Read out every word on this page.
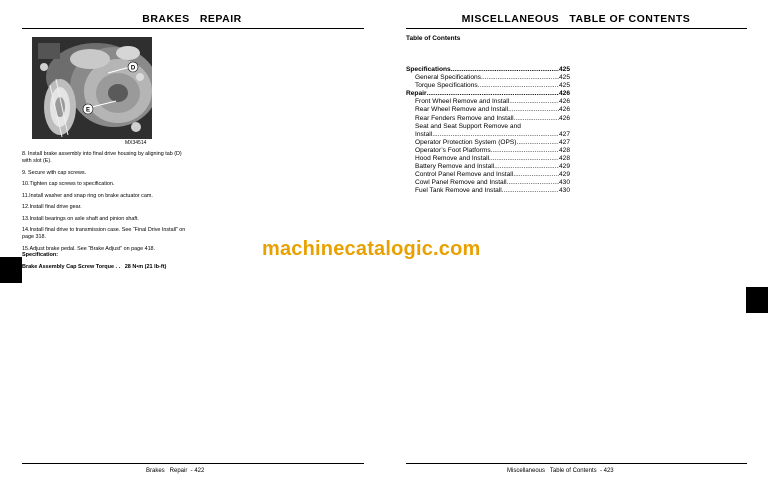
BRAKES   REPAIR
D
E
MX34514

8. Install brake assembly into final drive housing by aligning tab (D) with slot (E).

9. Secure with cap screws.

10.Tighten cap screws to specification.

11.Install washer and snap ring on brake actuator cam.

12.Install final drive gear.

13.Install bearings on axle shaft and pinion shaft.

14.Install final drive to transmission case. See “Final Drive Install” on page 318.

15.Adjust brake pedal. See “Brake Adjust” on page 418.

Specification:
Brake Assembly Cap Screw Torque . .   28 N•m (21 lb-ft)
Brakes   Repair  - 422
MISCELLANEOUS   TABLE OF CONTENTS
Table of Contents
Specifications .....	425
General Specifications .....	425
Torque Specifications .....	425
Repair .....	426
Front Wheel Remove and Install .....	426
Rear Wheel Remove and Install .....	426
Rear Fenders Remove and Install .....	426
Seat and Seat Support Remove and
Install .....	427
Operator Protection System (OPS) .....	427
Operator’s Foot Platforms .....	428
Hood Remove and Install .....	428
Battery Remove and Install .....	429
Control Panel Remove and Install .....	429
Cowl Panel Remove and Install .....	430
Fuel Tank Remove and Install .....	430
Miscellaneous   Table of Contents  - 423
machinecatalogic.com
